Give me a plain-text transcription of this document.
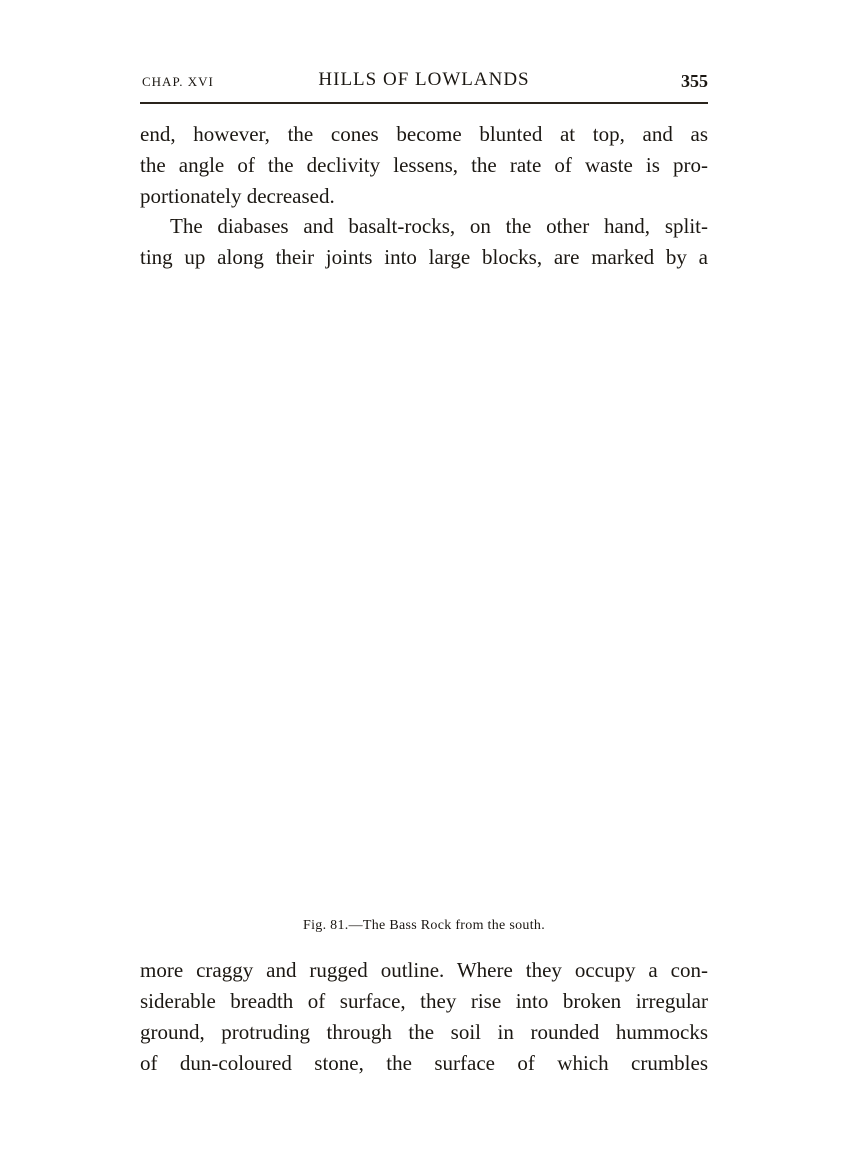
CHAP. XVI	HILLS OF LOWLANDS	355
end, however, the cones become blunted at top, and as
the angle of the declivity lessens, the rate of waste is pro-
portionately decreased.
The diabases and basalt-rocks, on the other hand, split-
ting up along their joints into large blocks, are marked by a
Fig. 81.—The Bass Rock from the south.
more craggy and rugged outline. Where they occupy a con-
siderable breadth of surface, they rise into broken irregular
ground, protruding through the soil in rounded hummocks
of dun-coloured stone, the surface of which crumbles
